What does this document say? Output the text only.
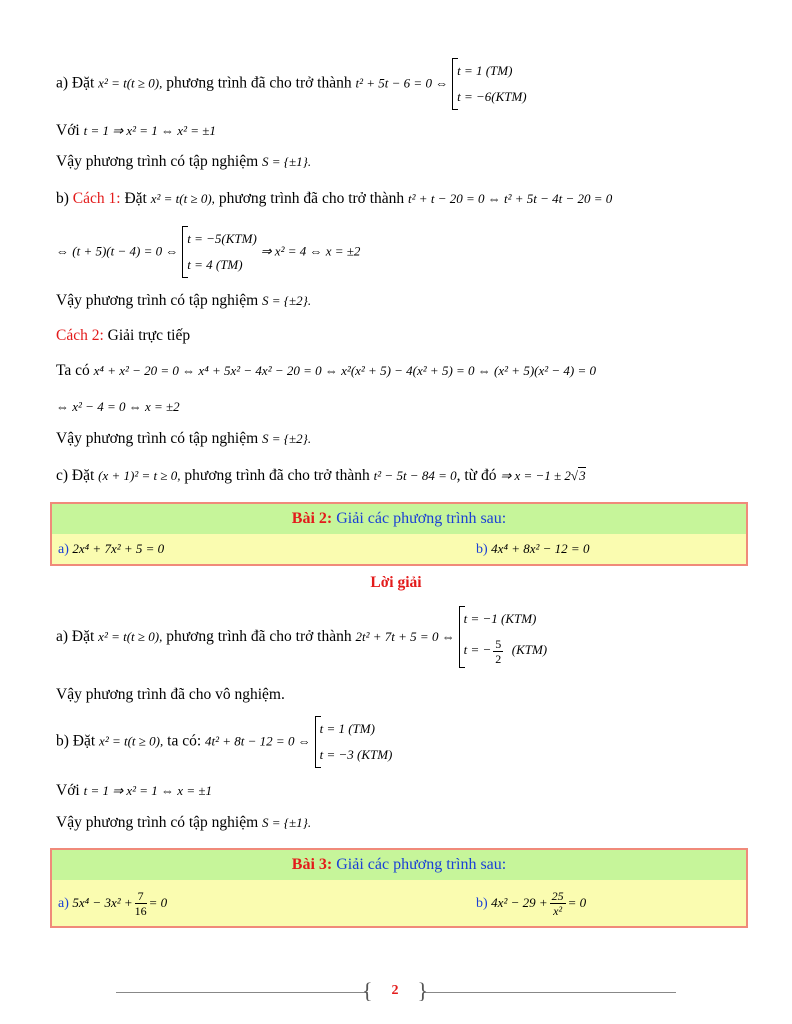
a) Đặt x² = t(t ≥ 0), phương trình đã cho trở thành t² + 5t − 6 = 0 ⇔
t = 1 (TM)
t = −6(KTM)
Với t = 1 ⇒ x² = 1 ⇔ x² = ±1
Vậy phương trình có tập nghiệm S = {±1}.
b) Cách 1: Đặt x² = t(t ≥ 0), phương trình đã cho trở thành t² + t − 20 = 0 ⇔ t² + 5t − 4t − 20 = 0
⇔ (t + 5)(t − 4) = 0 ⇔
t = −5(KTM)
t = 4 (TM)
⇒ x² = 4 ⇔ x = ±2
Vậy phương trình có tập nghiệm S = {±2}.
Cách 2: Giải trực tiếp
Ta có x⁴ + x² − 20 = 0 ⇔ x⁴ + 5x² − 4x² − 20 = 0 ⇔ x²(x² + 5) − 4(x² + 5) = 0 ⇔ (x² + 5)(x² − 4) = 0
⇔ x² − 4 = 0 ⇔ x = ±2
Vậy phương trình có tập nghiệm S = {±2}.
c) Đặt (x + 1)² = t ≥ 0, phương trình đã cho trở thành t² − 5t − 84 = 0, từ đó ⇒ x = −1 ± 2√3
Bài 2: Giải các phương trình sau:
a) 2x⁴ + 7x² + 5 = 0	b) 4x⁴ + 8x² − 12 = 0
Lời giải
a) Đặt x² = t(t ≥ 0), phương trình đã cho trở thành 2t² + 7t + 5 = 0 ⇔
t = −1 (KTM)
t = − $\frac{5}{2} (KTM)$
Vậy phương trình đã cho vô nghiệm.
b) Đặt x² = t(t ≥ 0), ta có: 4t² + 8t − 12 = 0 ⇔
t = 1 (TM)
t = −3 (KTM)
Với t = 1 ⇒ x² = 1 ⇔ x = ±1
Vậy phương trình có tập nghiệm S = {±1}.
Bài 3: Giải các phương trình sau:
a) $5x^4 - 3x^2 + \frac{7}{16} = 0$	b) $4x^2 - 29 + \frac{25}{\text{x²}} = 0$
{ 2 }
